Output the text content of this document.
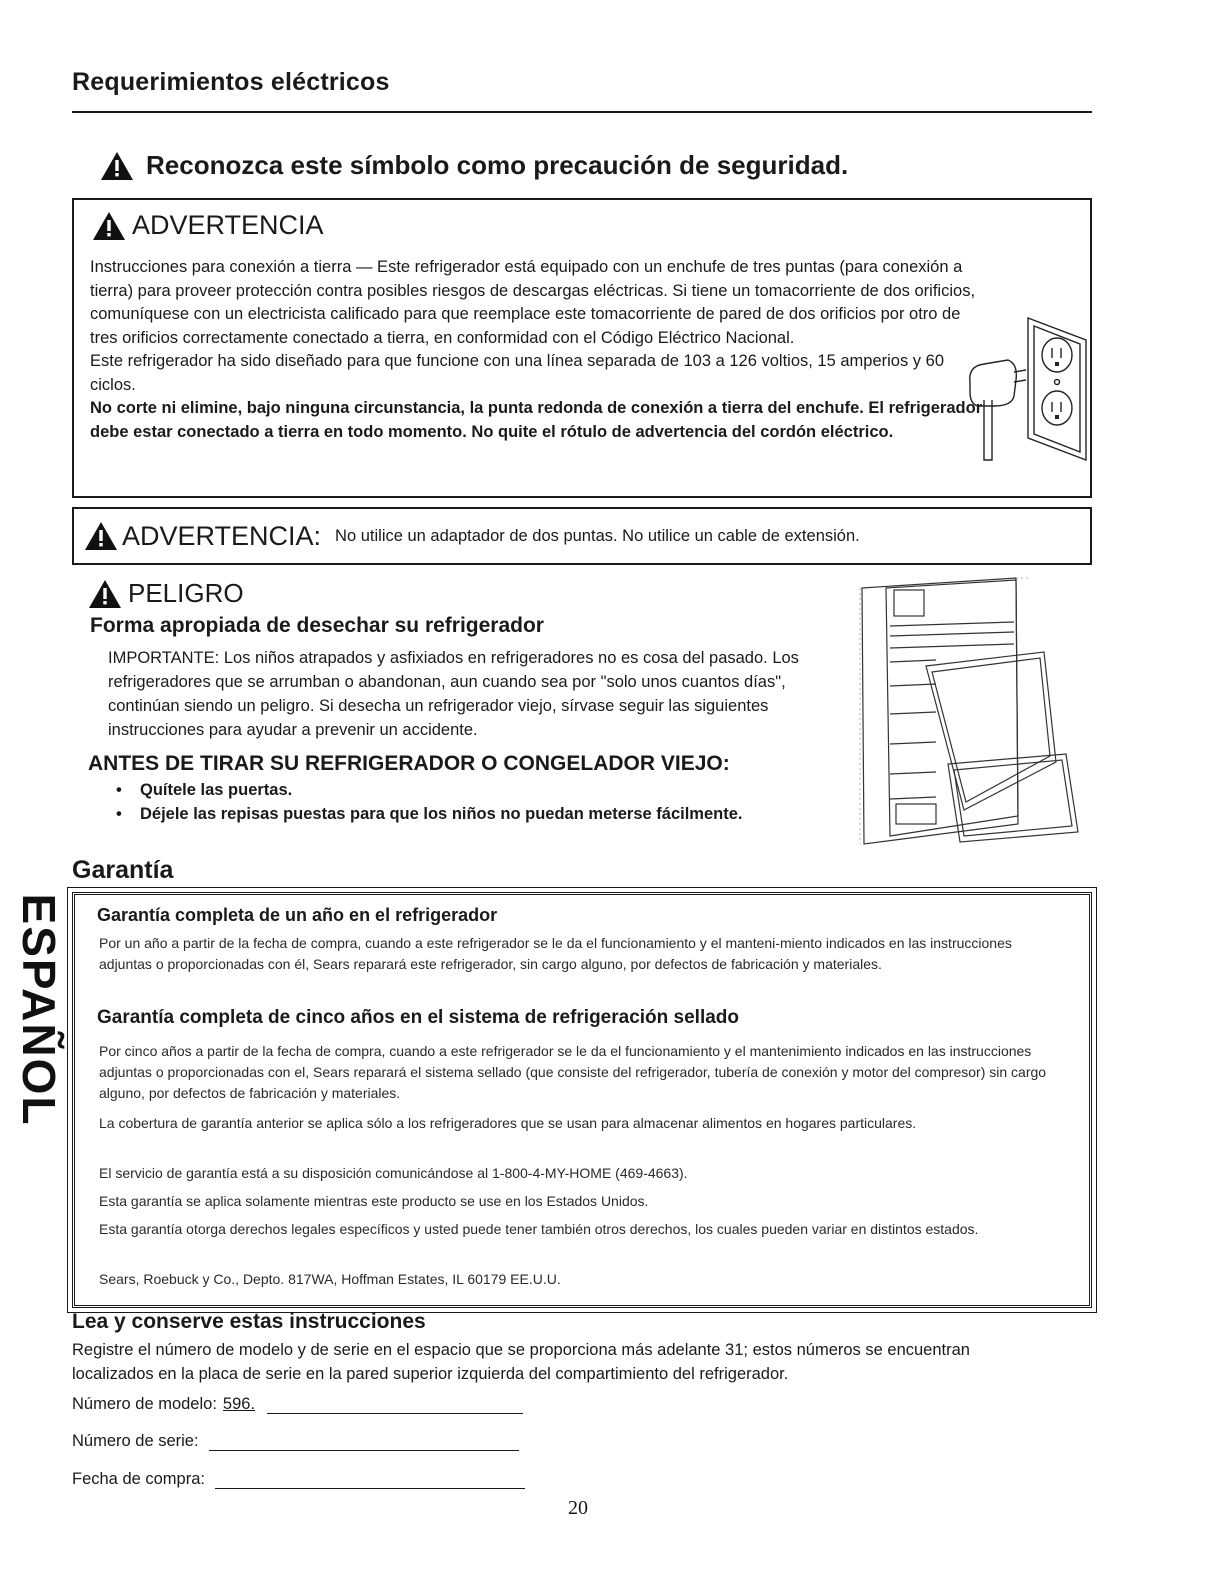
ESPAÑOL
Requerimientos eléctricos
Reconozca este símbolo como precaución de seguridad.
ADVERTENCIA

Instrucciones para conexión a tierra — Este refrigerador está equipado con un enchufe de tres puntas (para conexión a tierra) para proveer protección contra posibles riesgos de descargas eléctricas. Si tiene un tomacorriente de dos orificios, comuníquese con un electricista calificado para que reemplace este tomacorriente de pared de dos orificios por otro de tres orificios correctamente conectado a tierra, en conformidad con el Código Eléctrico Nacional.

Este refrigerador ha sido diseñado para que funcione con una línea separada de 103 a 126 voltios, 15 amperios y 60 ciclos.

No corte ni elimine, bajo ninguna circunstancia, la punta redonda de conexión a tierra del enchufe. El refrigerador debe estar conectado a tierra en todo momento. No quite el rótulo de advertencia del cordón eléctrico.

ADVERTENCIA: No utilice un adaptador de dos puntas. No utilice un cable de extensión.
PELIGRO
Forma apropiada de desechar su refrigerador

IMPORTANTE: Los niños atrapados y asfixiados en refrigeradores no es cosa del pasado. Los refrigeradores que se arrumban o abandonan, aun cuando sea por "solo unos cuantos días", continúan siendo un peligro. Si desecha un refrigerador viejo, sírvase seguir las siguientes instrucciones para ayudar a prevenir un accidente.

ANTES DE TIRAR SU REFRIGERADOR O CONGELADOR VIEJO:
• Quítele las puertas.
• Déjele las repisas puestas para que los niños no puedan meterse fácilmente.
Garantía
Garantía completa de un año en el refrigerador

Por un año a partir de la fecha de compra, cuando a este refrigerador se le da el funcionamiento y el manteni-miento indicados en las instrucciones adjuntas o proporcionadas con él, Sears reparará este refrigerador, sin cargo alguno, por defectos de fabricación y materiales.

Garantía completa de cinco años en el sistema de refrigeración sellado

Por cinco años a partir de la fecha de compra, cuando a este refrigerador se le da el funcionamiento y el mantenimiento indicados en las instrucciones adjuntas o proporcionadas con el, Sears reparará el sistema sellado (que consiste del refrigerador, tubería de conexión y motor del compresor) sin cargo alguno, por defectos de fabricación y materiales.

La cobertura de garantía anterior se aplica sólo a los refrigeradores que se usan para almacenar alimentos en hogares particulares.

El servicio de garantía está a su disposición comunicándose al 1-800-4-MY-HOME (469-4663).

Esta garantía se aplica solamente mientras este producto se use en los Estados Unidos.

Esta garantía otorga derechos legales específicos y usted puede tener también otros derechos, los cuales pueden variar en distintos estados.

Sears, Roebuck y Co., Depto. 817WA, Hoffman Estates, IL 60179 EE.U.U.

Lea y conserve estas instrucciones

Registre el número de modelo y de serie en el espacio que se proporciona más adelante 31; estos números se encuentran localizados en la placa de serie en la pared superior izquierda del compartimiento del refrigerador.

Número de modelo: 596.
Número de serie:
Fecha de compra:
20
